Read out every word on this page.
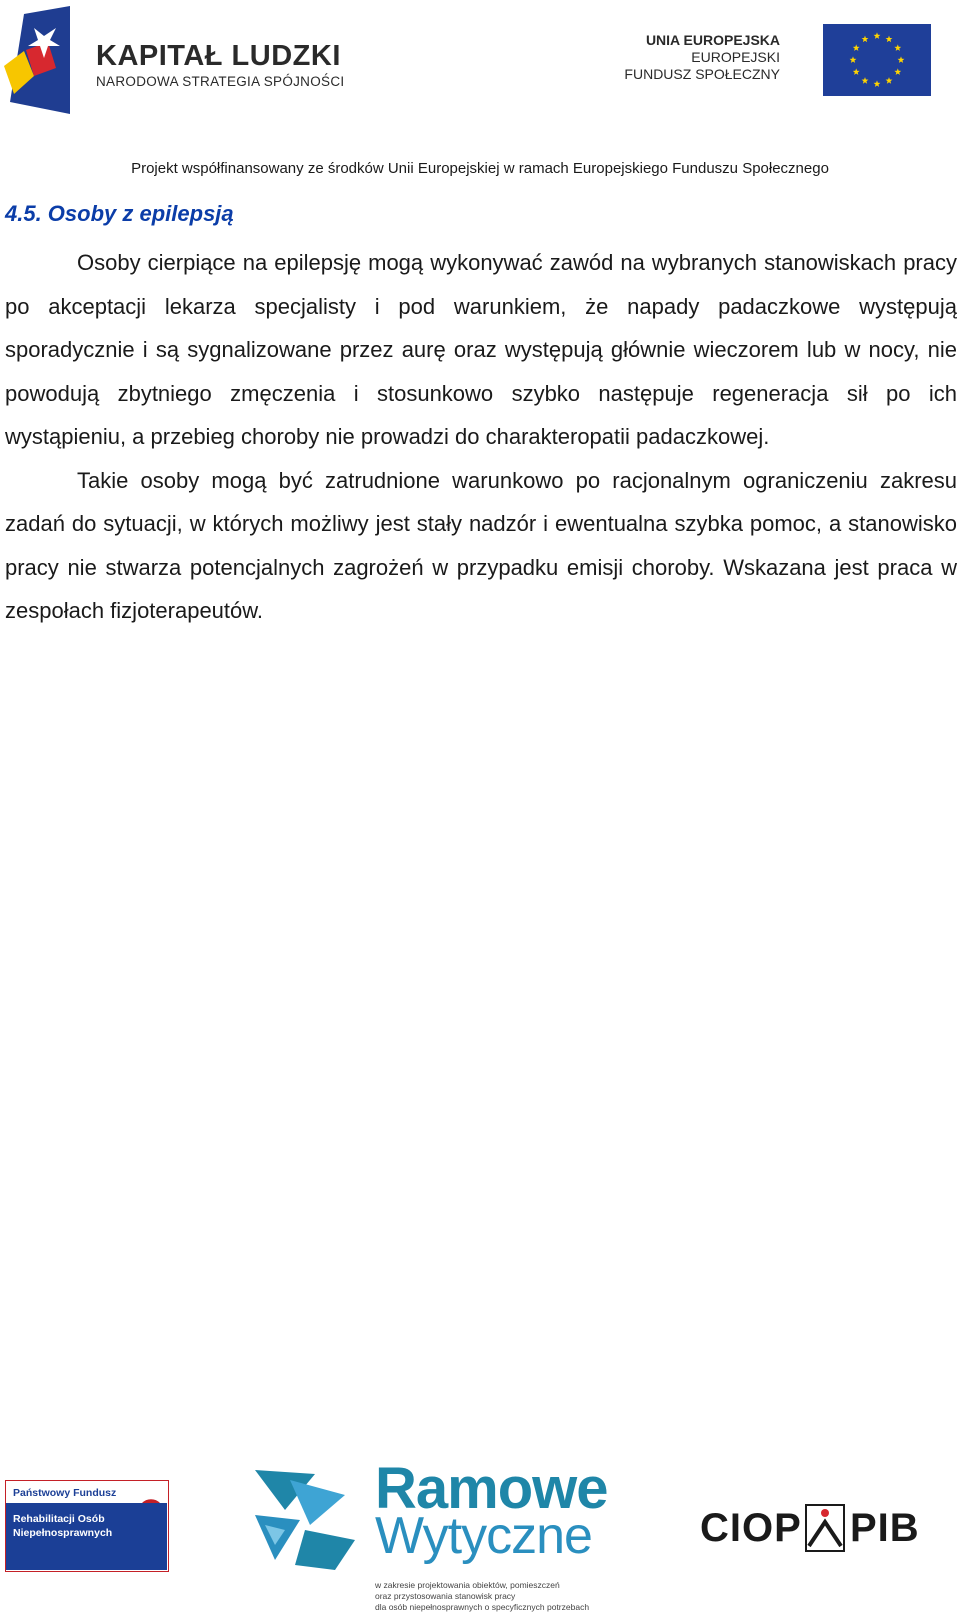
KAPITAŁ LUDZKI
NARODOWA STRATEGIA SPÓJNOŚCI
UNIA EUROPEJSKA
EUROPEJSKI
FUNDUSZ SPOŁECZNY
Projekt współfinansowany ze środków Unii Europejskiej w ramach Europejskiego Funduszu Społecznego
4.5. Osoby z epilepsją

Osoby cierpiące na epilepsję mogą wykonywać zawód na wybranych stanowiskach pracy po akceptacji lekarza specjalisty i pod warunkiem, że napady padaczkowe występują sporadycznie i są sygnalizowane przez aurę oraz występują głównie wieczorem lub w nocy, nie powodują zbytniego zmęczenia i stosunkowo szybko następuje regeneracja sił po ich wystąpieniu, a przebieg choroby nie prowadzi do charakteropatii padaczkowej.

Takie osoby mogą być zatrudnione warunkowo po racjonalnym ograniczeniu zakresu zadań do sytuacji, w których możliwy jest stały nadzór i ewentualna szybka pomoc, a stanowisko pracy nie stwarza potencjalnych zagrożeń w przypadku emisji choroby. Wskazana jest praca w zespołach fizjoterapeutów.

Państwowy Fundusz
Rehabilitacji Osób
Niepełnosprawnych
Ramowe
Wytyczne
w zakresie projektowania obiektów, pomieszczeń
oraz przystosowania stanowisk pracy
dla osób niepełnosprawnych o specyficznych potrzebach
CIOP PIB
